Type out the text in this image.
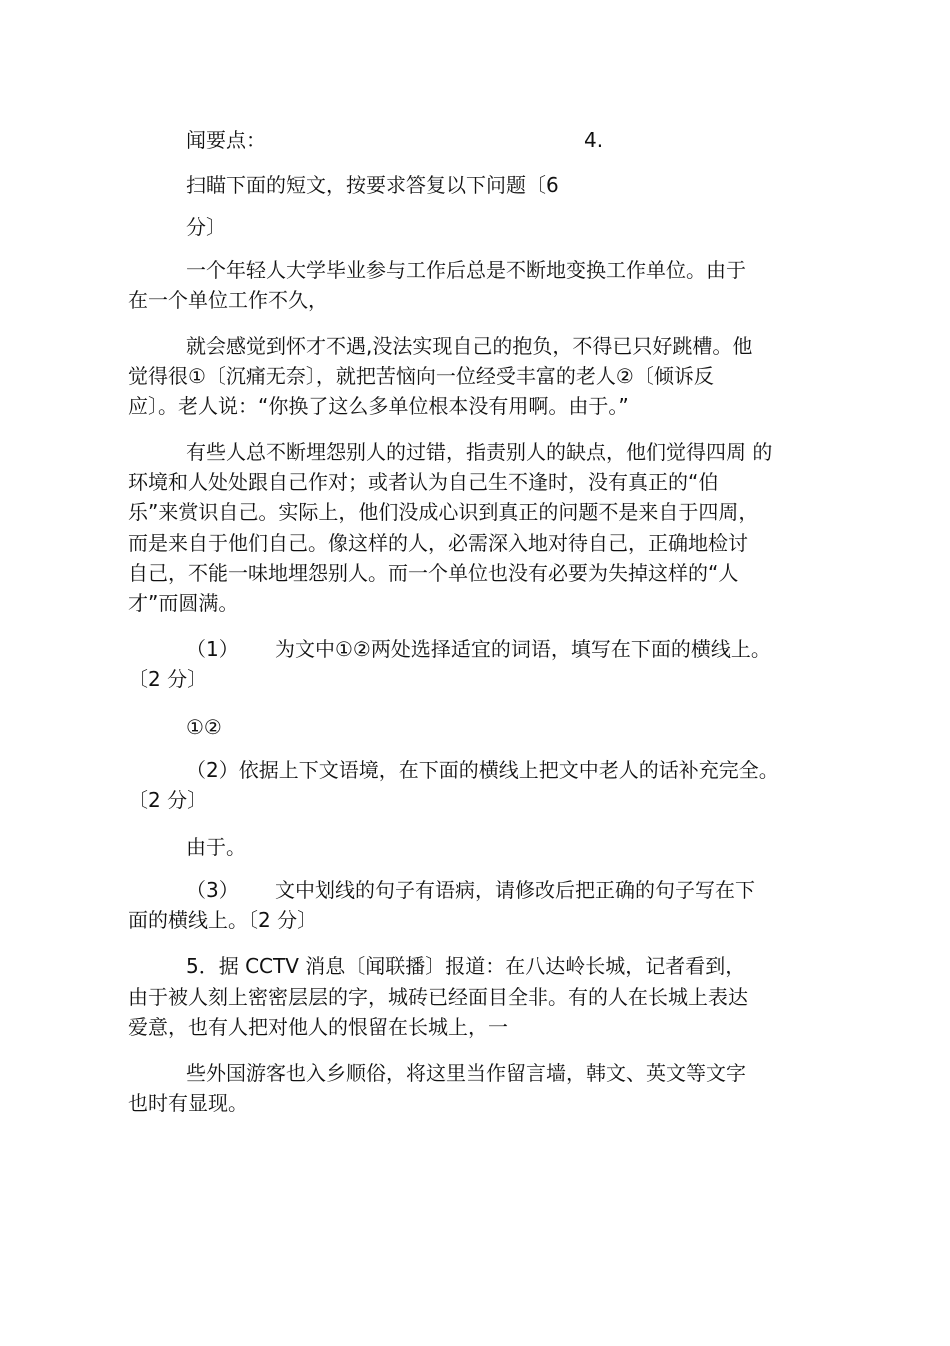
闻要点：	4.

扫瞄下面的短文，按要求答复以下问题〔6

分〕

一个年轻人大学毕业参与工作后总是不断地变换工作单位。由于

在一个单位工作不久，

就会感觉到怀才不遇,没法实现自己的抱负，不得已只好跳槽。他

觉得很①〔沉痛无奈〕，就把苦恼向一位经受丰富的老人②〔倾诉反

应〕。老人说：“你换了这么多单位根本没有用啊。由于。”

有些人总不断埋怨别人的过错，指责别人的缺点，他们觉得四周 的

环境和人处处跟自己作对；或者认为自己生不逢时，没有真正的“伯

乐”来赏识自己。实际上，他们没成心识到真正的问题不是来自于四周，

而是来自于他们自己。像这样的人，必需深入地对待自己，正确地检讨

自己，不能一味地埋怨别人。而一个单位也没有必要为失掉这样的“人

才”而圆满。

（1） 为文中①②两处选择适宜的词语，填写在下面的横线上。

〔2 分〕

①②

（2）依据上下文语境，在下面的横线上把文中老人的话补充完全。

〔2 分〕

由于。

（3） 文中划线的句子有语病，请修改后把正确的句子写在下

面的横线上。〔2 分〕

5．据 CCTV 消息〔闻联播〕报道：在八达岭长城，记者看到，

由于被人刻上密密层层的字，城砖已经面目全非。有的人在长城上表达

爱意，也有人把对他人的恨留在长城上，一

些外国游客也入乡顺俗，将这里当作留言墙，韩文、英文等文字

也时有显现。
